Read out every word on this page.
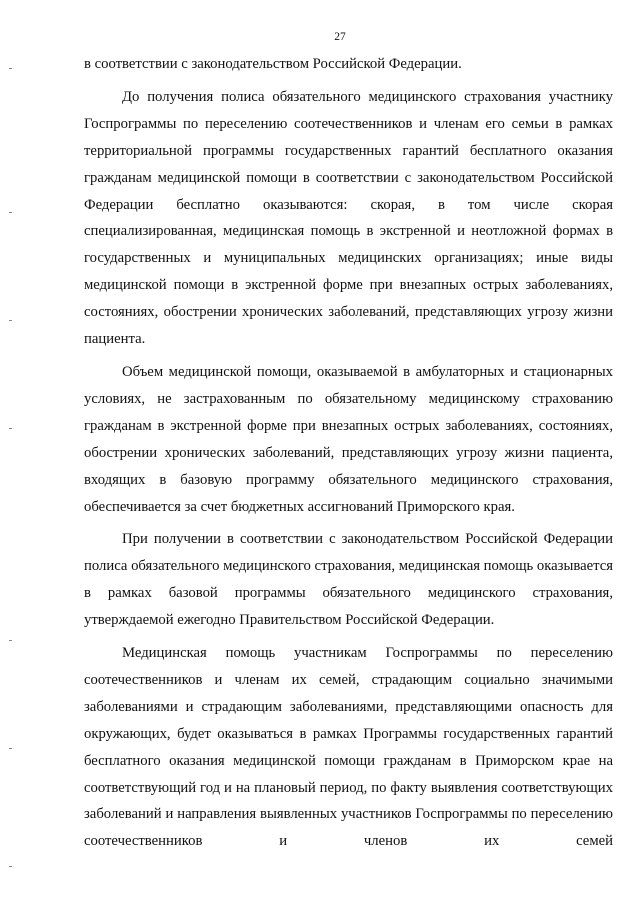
27

в соответствии с законодательством Российской Федерации.

До получения полиса обязательного медицинского страхования участнику Госпрограммы по переселению соотечественников и членам его семьи в рамках территориальной программы государственных гарантий бесплатного оказания гражданам медицинской помощи в соответствии с законодательством Российской Федерации бесплатно оказываются: скорая, в том числе скорая специализированная, медицинская помощь в экстренной и неотложной формах в государственных и муниципальных медицинских организациях; иные виды медицинской помощи в экстренной форме при внезапных острых заболеваниях, состояниях, обострении хронических заболеваний, представляющих угрозу жизни пациента.

Объем медицинской помощи, оказываемой в амбулаторных и стационарных условиях, не застрахованным по обязательному медицинскому страхованию гражданам в экстренной форме при внезапных острых заболеваниях, состояниях, обострении хронических заболеваний, представляющих угрозу жизни пациента, входящих в базовую программу обязательного медицинского страхования, обеспечивается за счет бюджетных ассигнований Приморского края.

При получении в соответствии с законодательством Российской Федерации полиса обязательного медицинского страхования, медицинская помощь оказывается в рамках базовой программы обязательного медицинского страхования, утверждаемой ежегодно Правительством Российской Федерации.

Медицинская помощь участникам Госпрограммы по переселению соотечественников и членам их семей, страдающим социально значимыми заболеваниями и страдающим заболеваниями, представляющими опасность для окружающих, будет оказываться в рамках Программы государственных гарантий бесплатного оказания медицинской помощи гражданам в Приморском крае на соответствующий год и на плановый период, по факту выявления соответствующих заболеваний и направления выявленных участников Госпрограммы по переселению соотечественников и членов их семей
